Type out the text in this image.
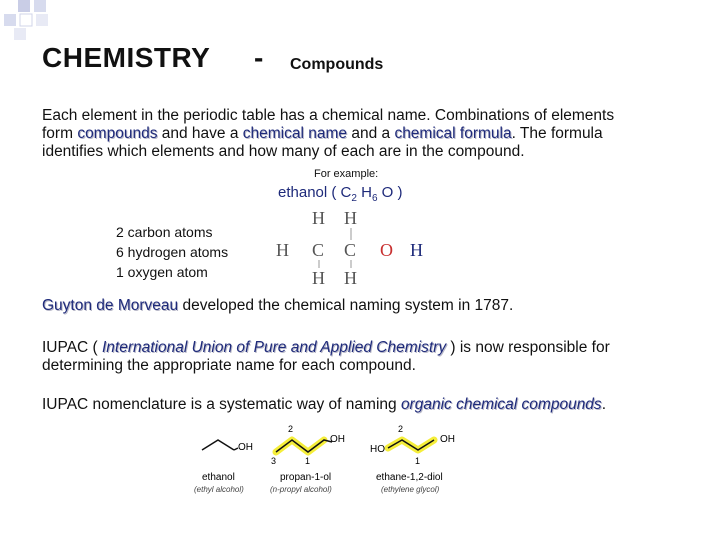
CHEMISTRY - Compounds
Each element in the periodic table has a chemical name. Combinations of elements
form compounds and have a chemical name and a chemical formula. The formula
identifies which elements and how many of each are in the compound.
For example:
ethanol ( $C_2$ $H_6$ O )
2 carbon atoms
6 hydrogen atoms
1 oxygen atom
H H
H C C O H
H H
Guyton de Morveau developed the chemical naming system in 1787.
IUPAC ( International Union of Pure and Applied Chemistry ) is now responsible for
determining the appropriate name for each compound.
IUPAC nomenclature is a systematic way of naming organic chemical compounds.
OH
ethanol
(ethyl alcohol)
OH
3
2
1
propan-1-ol
(n-propyl alcohol)
HO
OH
2
1
ethane-1,2-diol
(ethylene glycol)
